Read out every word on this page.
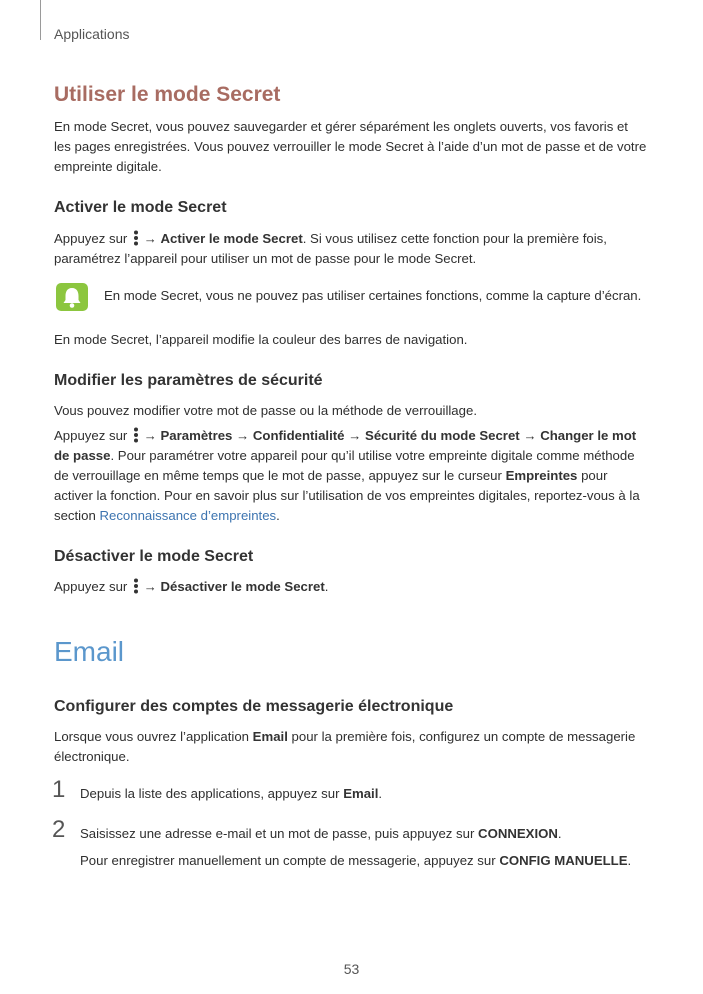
Applications
Utiliser le mode Secret

En mode Secret, vous pouvez sauvegarder et gérer séparément les onglets ouverts, vos favoris et les pages enregistrées. Vous pouvez verrouiller le mode Secret à l’aide d’un mot de passe et de votre empreinte digitale.

Activer le mode Secret

Appuyez sur → Activer le mode Secret. Si vous utilisez cette fonction pour la première fois, paramétrez l’appareil pour utiliser un mot de passe pour le mode Secret.

En mode Secret, vous ne pouvez pas utiliser certaines fonctions, comme la capture d’écran.

En mode Secret, l’appareil modifie la couleur des barres de navigation.

Modifier les paramètres de sécurité

Vous pouvez modifier votre mot de passe ou la méthode de verrouillage.

Appuyez sur → Paramètres → Confidentialité → Sécurité du mode Secret → Changer le mot de passe. Pour paramétrer votre appareil pour qu’il utilise votre empreinte digitale comme méthode de verrouillage en même temps que le mot de passe, appuyez sur le curseur Empreintes pour activer la fonction. Pour en savoir plus sur l’utilisation de vos empreintes digitales, reportez-vous à la section Reconnaissance d’empreintes.

Désactiver le mode Secret

Appuyez sur → Désactiver le mode Secret.

Email
Configurer des comptes de messagerie électronique

Lorsque vous ouvrez l’application Email pour la première fois, configurez un compte de messagerie électronique.

1 Depuis la liste des applications, appuyez sur Email.
2 Saisissez une adresse e-mail et un mot de passe, puis appuyez sur CONNEXION.
Pour enregistrer manuellement un compte de messagerie, appuyez sur CONFIG MANUELLE.
53
